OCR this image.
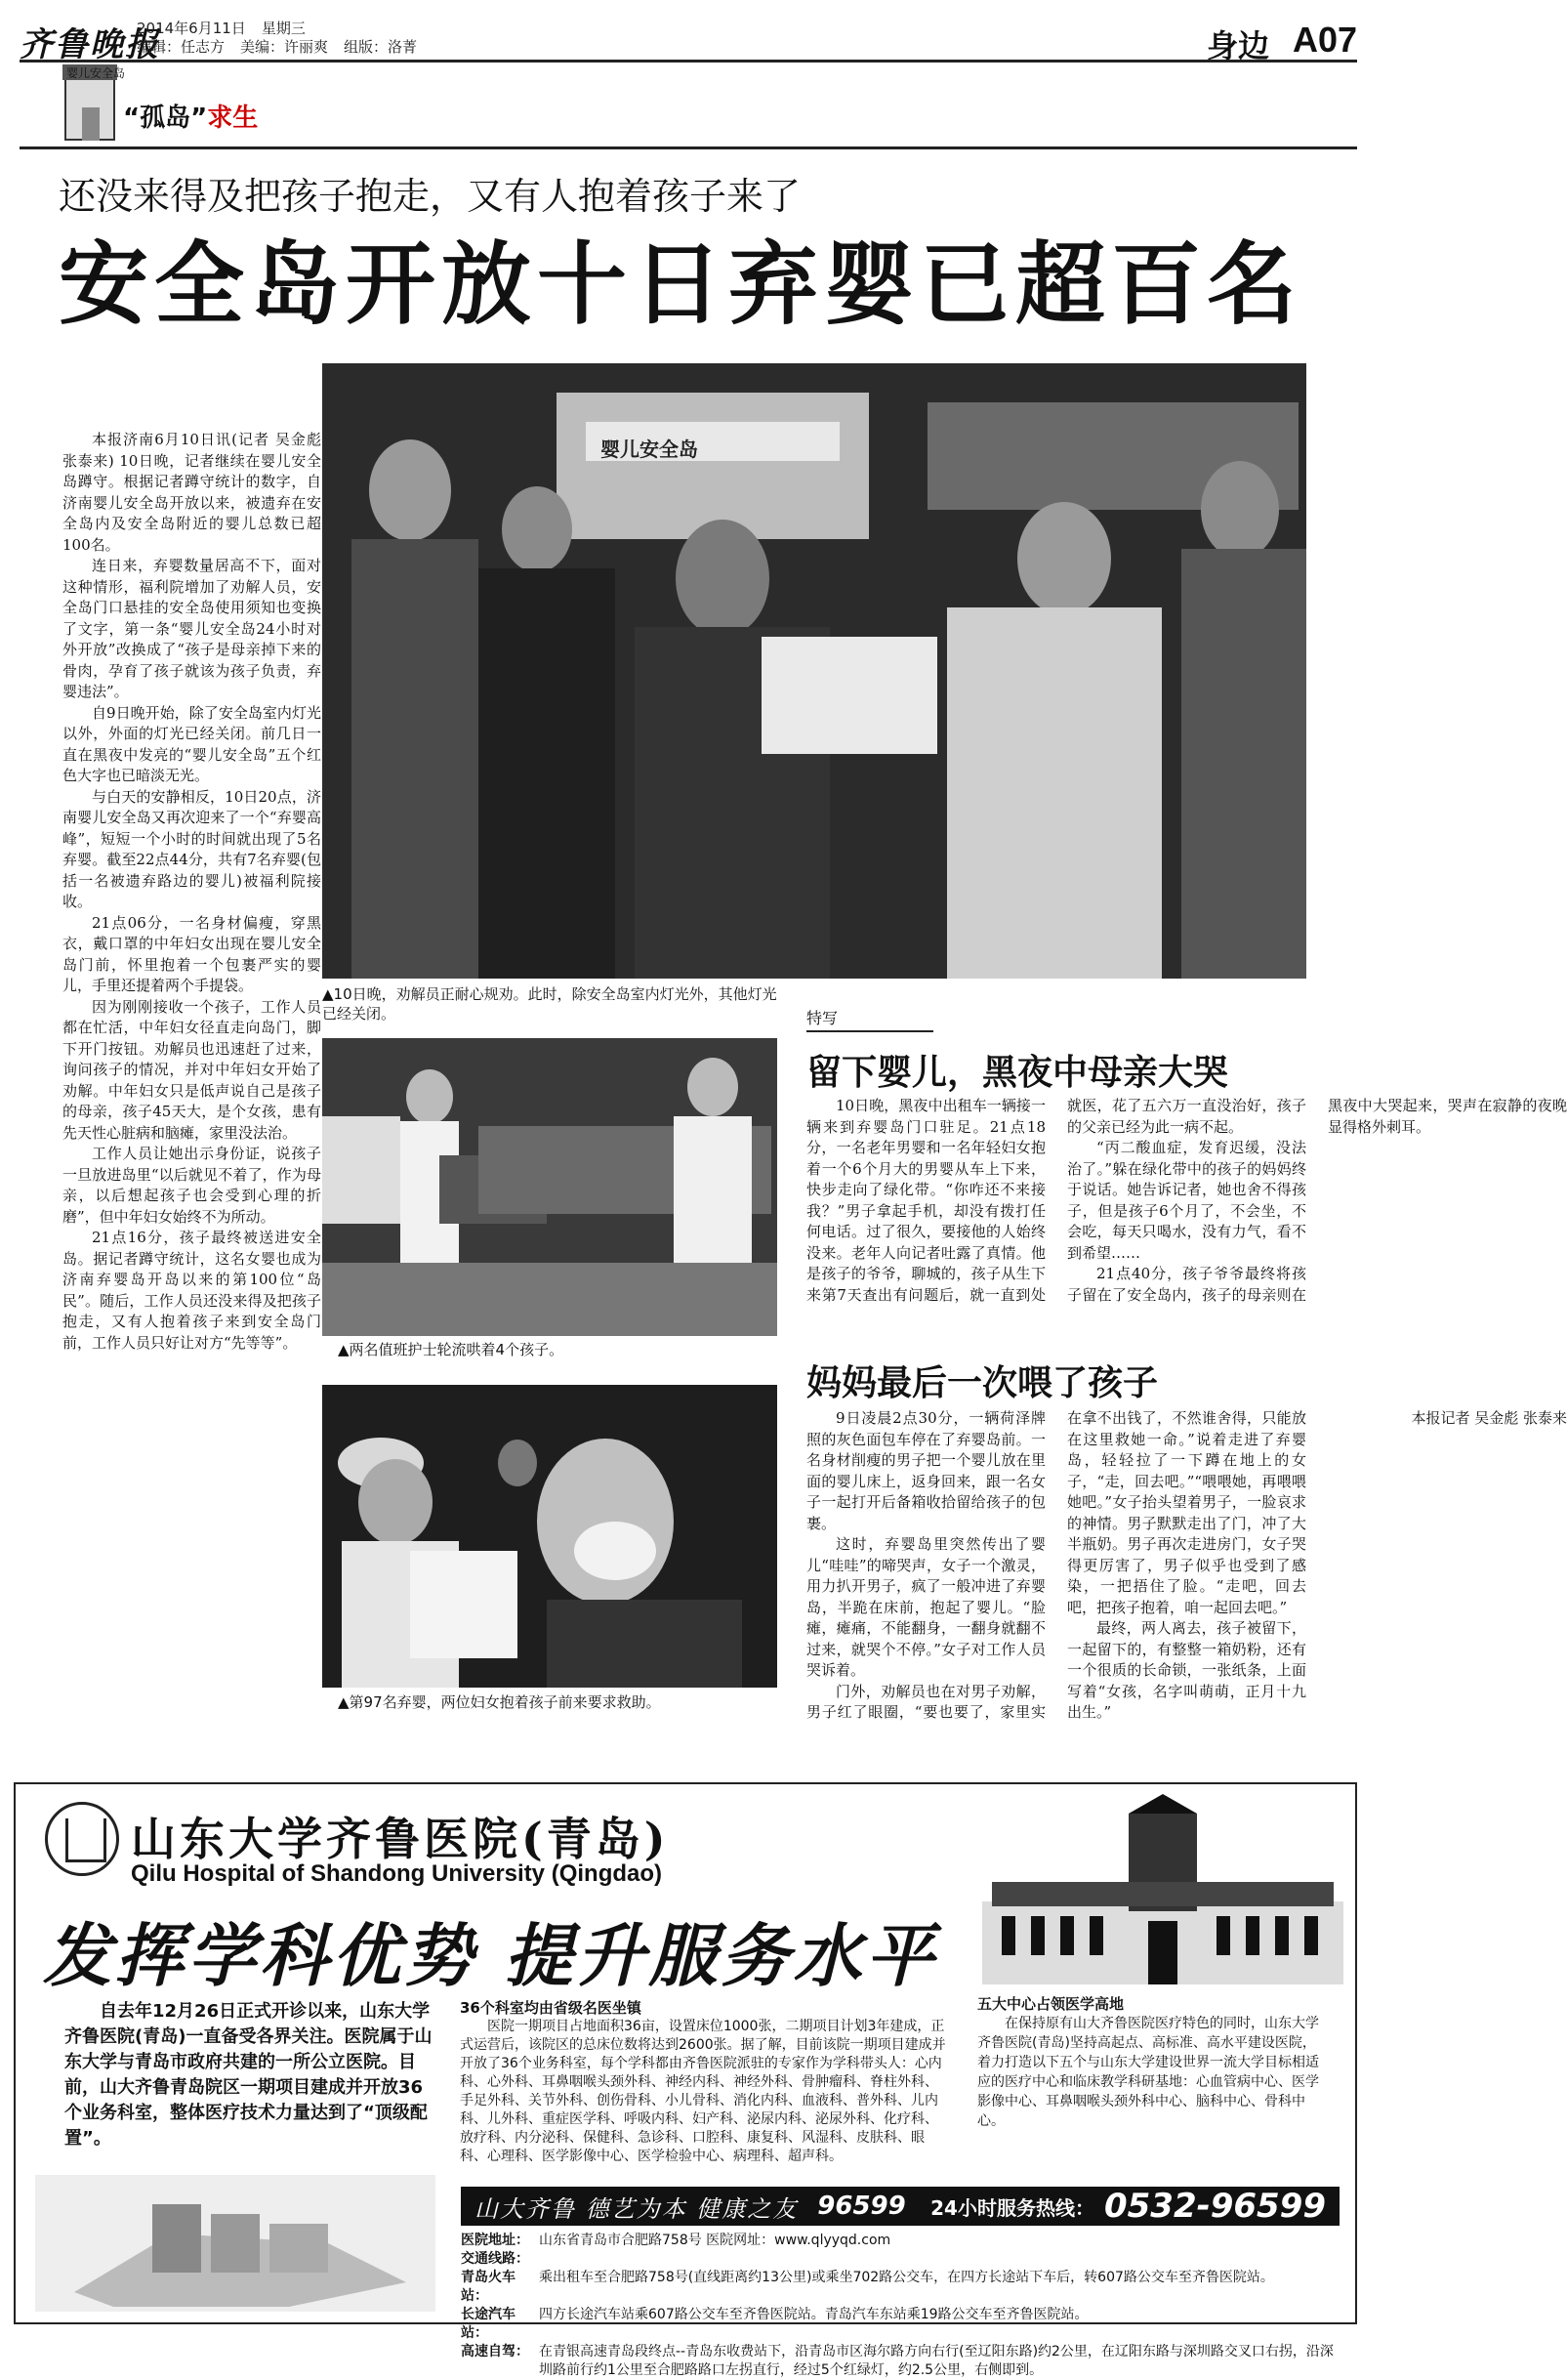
齐鲁晚报
2014年6月11日 星期三
编辑：任志方 美编：许丽爽 组版：洛菁	身边 A07
婴儿安全岛
“孤岛”求生
还没来得及把孩子抱走，又有人抱着孩子来了
安全岛开放十日弃婴已超百名

本报济南6月10日讯(记者 吴金彪 张泰来) 10日晚，记者继续在婴儿安全岛蹲守。根据记者蹲守统计的数字，自济南婴儿安全岛开放以来，被遗弃在安全岛内及安全岛附近的婴儿总数已超100名。

连日来，弃婴数量居高不下，面对这种情形，福利院增加了劝解人员，安全岛门口悬挂的安全岛使用须知也变换了文字，第一条“婴儿安全岛24小时对外开放”改换成了“孩子是母亲掉下来的骨肉，孕育了孩子就该为孩子负责，弃婴违法”。

自9日晚开始，除了安全岛室内灯光以外，外面的灯光已经关闭。前几日一直在黑夜中发亮的“婴儿安全岛”五个红色大字也已暗淡无光。

与白天的安静相反，10日20点，济南婴儿安全岛又再次迎来了一个“弃婴高峰”，短短一个小时的时间就出现了5名弃婴。截至22点44分，共有7名弃婴(包括一名被遗弃路边的婴儿)被福利院接收。

21点06分，一名身材偏瘦，穿黑衣，戴口罩的中年妇女出现在婴儿安全岛门前，怀里抱着一个包裹严实的婴儿，手里还提着两个手提袋。

因为刚刚接收一个孩子，工作人员都在忙活，中年妇女径直走向岛门，脚下开门按钮。劝解员也迅速赶了过来，询问孩子的情况，并对中年妇女开始了劝解。中年妇女只是低声说自己是孩子的母亲，孩子45天大，是个女孩，患有先天性心脏病和脑瘫，家里没法治。

工作人员让她出示身份证，说孩子一旦放进岛里“以后就见不着了，作为母亲，以后想起孩子也会受到心理的折磨”，但中年妇女始终不为所动。

21点16分，孩子最终被送进安全岛。据记者蹲守统计，这名女婴也成为济南弃婴岛开岛以来的第100位“岛民”。随后，工作人员还没来得及把孩子抱走，又有人抱着孩子来到安全岛门前，工作人员只好让对方“先等等”。

婴儿安全岛
▲10日晚，劝解员正耐心规劝。此时，除安全岛室内灯光外，其他灯光已经关闭。
▲两名值班护士轮流哄着4个孩子。
▲第97名弃婴，两位妇女抱着孩子前来要求救助。
特写
留下婴儿，黑夜中母亲大哭

10日晚，黑夜中出租车一辆接一辆来到弃婴岛门口驻足。21点18分，一名老年男婴和一名年轻妇女抱着一个6个月大的男婴从车上下来，快步走向了绿化带。“你咋还不来接我？”男子拿起手机，却没有拨打任何电话。过了很久，要接他的人始终没来。老年人向记者吐露了真情。他是孩子的爷爷，聊城的，孩子从生下来第7天查出有问题后，就一直到处就医，花了五六万一直没治好，孩子的父亲已经为此一病不起。

“丙二酸血症，发育迟缓，没法治了。”躲在绿化带中的孩子的妈妈终于说话。她告诉记者，她也舍不得孩子，但是孩子6个月了，不会坐，不会吃，每天只喝水，没有力气，看不到希望……

21点40分，孩子爷爷最终将孩子留在了安全岛内，孩子的母亲则在黑夜中大哭起来，哭声在寂静的夜晚显得格外刺耳。

妈妈最后一次喂了孩子

9日凌晨2点30分，一辆荷泽牌照的灰色面包车停在了弃婴岛前。一名身材削瘦的男子把一个婴儿放在里面的婴儿床上，返身回来，跟一名女子一起打开后备箱收拾留给孩子的包裹。

这时，弃婴岛里突然传出了婴儿“哇哇”的啼哭声，女子一个激灵，用力扒开男子，疯了一般冲进了弃婴岛，半跪在床前，抱起了婴儿。“脸瘫，瘫痛，不能翻身，一翻身就翻不过来，就哭个不停。”女子对工作人员哭诉着。

门外，劝解员也在对男子劝解，男子红了眼圈，“要也要了，家里实在拿不出钱了，不然谁舍得，只能放在这里救她一命。”说着走进了弃婴岛，轻轻拉了一下蹲在地上的女子，“走，回去吧。”“喂喂她，再喂喂她吧。”女子抬头望着男子，一脸哀求的神情。男子默默走出了门，冲了大半瓶奶。男子再次走进房门，女子哭得更厉害了，男子似乎也受到了感染，一把捂住了脸。“走吧，回去吧，把孩子抱着，咱一起回去吧。”

最终，两人离去，孩子被留下，一起留下的，有整整一箱奶粉，还有一个很质的长命锁，一张纸条，上面写着“女孩，名字叫萌萌，正月十九出生。”

本报记者 吴金彪 张泰来

山东大学齐鲁医院(青岛)
Qilu Hospital of Shandong University (Qingdao)
发挥学科优势 提升服务水平
自去年12月26日正式开诊以来，山东大学齐鲁医院(青岛)一直备受各界关注。医院属于山东大学与青岛市政府共建的一所公立医院。目前，山大齐鲁青岛院区一期项目建成并开放36个业务科室，整体医疗技术力量达到了“顶级配置”。
36个科室均由省级名医坐镇
医院一期项目占地面积36亩，设置床位1000张，二期项目计划3年建成，正式运营后，该院区的总床位数将达到2600张。据了解，目前该院一期项目建成并开放了36个业务科室，每个学科都由齐鲁医院派驻的专家作为学科带头人：心内科、心外科、耳鼻咽喉头颈外科、神经内科、神经外科、骨肿瘤科、脊柱外科、手足外科、关节外科、创伤骨科、小儿骨科、消化内科、血液科、普外科、儿内科、儿外科、重症医学科、呼吸内科、妇产科、泌尿内科、泌尿外科、化疗科、放疗科、内分泌科、保健科、急诊科、口腔科、康复科、风湿科、皮肤科、眼科、心理科、医学影像中心、医学检验中心、病理科、超声科。
五大中心占领医学高地
在保持原有山大齐鲁医院医疗特色的同时，山东大学齐鲁医院(青岛)坚持高起点、高标准、高水平建设医院，着力打造以下五个与山东大学建设世界一流大学目标相适应的医疗中心和临床教学科研基地：心血管病中心、医学影像中心、耳鼻咽喉头颈外科中心、脑科中心、骨科中心。
山大齐鲁 德艺为本 健康之友 96599 24小时服务热线： 0532-96599
医院地址： 山东省青岛市合肥路758号 医院网址：www.qlyyqd.com
交通线路：
青岛火车站：
乘出租车至合肥路758号(直线距离约13公里)或乘坐702路公交车，在四方长途站下车后，转607路公交车至齐鲁医院站。
长途汽车站：
四方长途汽车站乘607路公交车至齐鲁医院站。青岛汽车东站乘19路公交车至齐鲁医院站。
高速自驾： 在青银高速青岛段终点--青岛东收费站下，沿青岛市区海尔路方向右行(至辽阳东路)约2公里，在辽阳东路与深圳路交叉口右拐，沿深圳路前行约1公里至合肥路路口左拐直行，经过5个红绿灯，约2.5公里，右侧即到。
